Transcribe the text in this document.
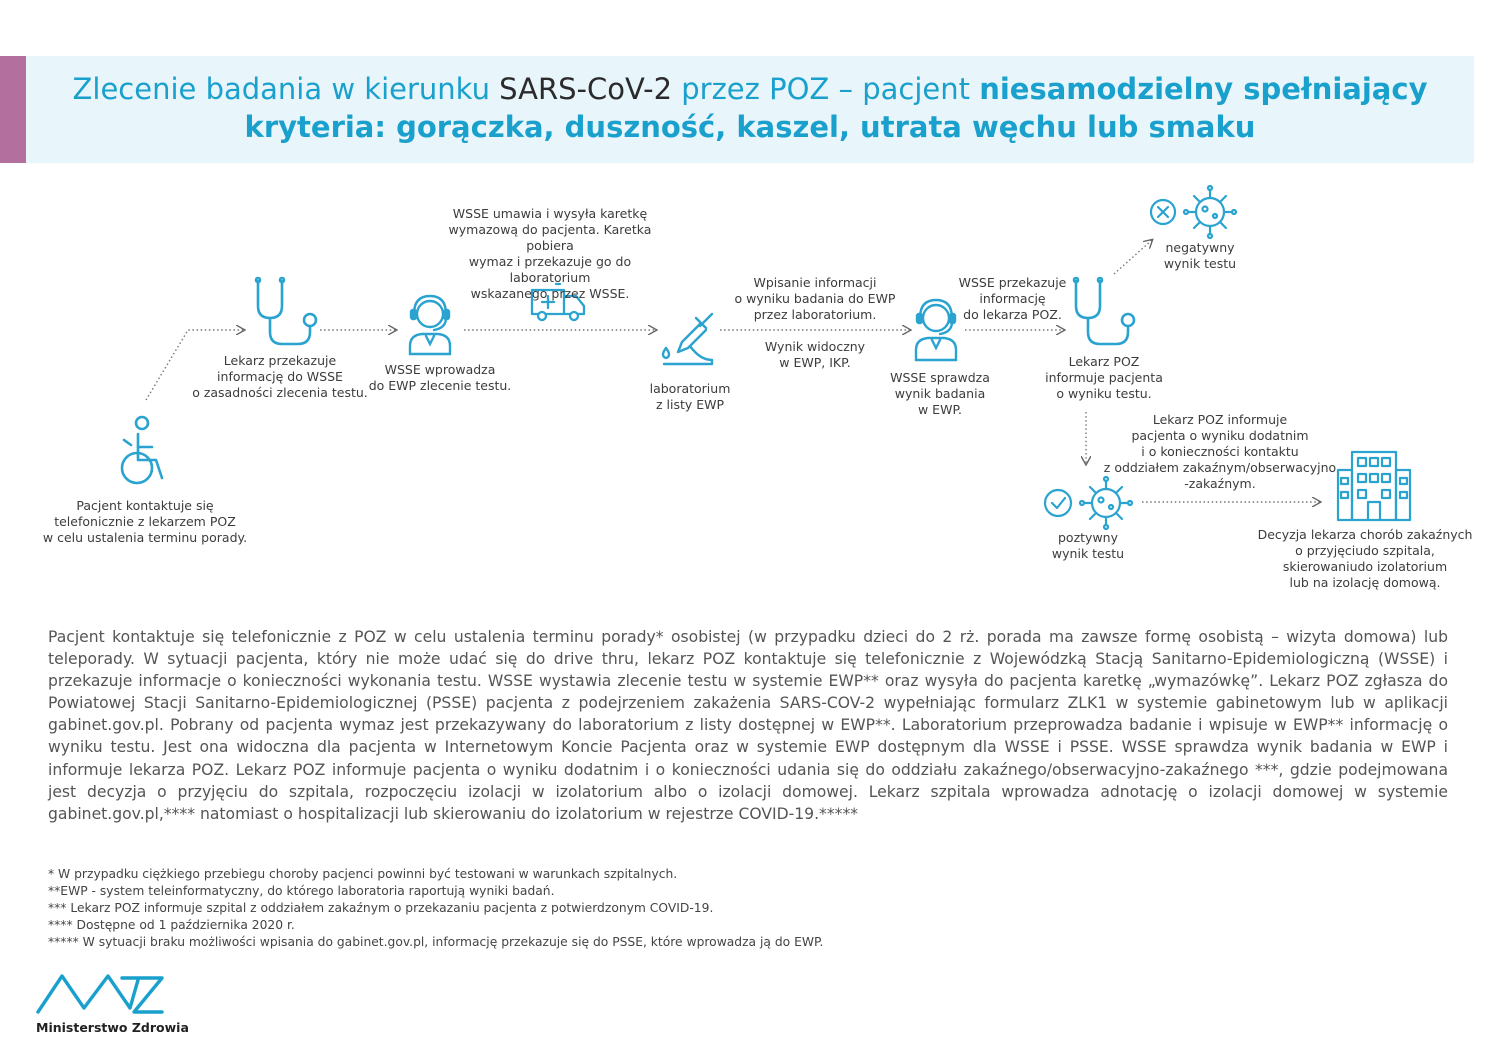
Zlecenie badania w kierunku SARS-CoV-2 przez POZ – pacjent niesamodzielny spełniający
kryteria: gorączka, duszność, kaszel, utrata węchu lub smaku
Pacjent kontaktuje się
telefonicznie z lekarzem POZ
w celu ustalenia terminu porady.
Lekarz przekazuje
informację do WSSE
o zasadności zlecenia testu.
WSSE wprowadza
do EWP zlecenie testu.
WSSE umawia i wysyła karetkę
wymazową do pacjenta. Karetka pobiera
wymaz i przekazuje go do laboratorium
wskazanego przez WSSE.
laboratorium
z listy EWP
Wpisanie informacji
o wyniku badania do EWP
przez laboratorium.
Wynik widoczny
w EWP, IKP.
WSSE sprawdza
wynik badania
w EWP.
WSSE przekazuje
informację
do lekarza POZ.
Lekarz POZ
informuje pacjenta
o wyniku testu.
negatywny
wynik testu
poztywny
wynik testu
Lekarz POZ informuje
pacjenta o wyniku dodatnim
i o konieczności kontaktu
z oddziałem zakaźnym/obserwacyjno
-zakaźnym.
Decyzja lekarza chorób zakaźnych
o przyjęciudo szpitala,
skierowaniudo izolatorium
lub na izolację domową.
Pacjent kontaktuje się telefonicznie z POZ w celu ustalenia terminu porady* osobistej (w przypadku dzieci do 2 rż. porada ma zawsze formę osobistą – wizyta domowa) lub teleporady. W sytuacji pacjenta, który nie może udać się do drive thru, lekarz POZ kontaktuje się telefonicznie z Wojewódzką Stacją Sanitarno-Epidemiologiczną (WSSE) i przekazuje informacje o konieczności wykonania testu. WSSE wystawia zlecenie testu w systemie EWP** oraz wysyła do pacjenta karetkę „wymazówkę”. Lekarz POZ zgłasza do Powiatowej Stacji Sanitarno-Epidemiologicznej (PSSE) pacjenta z podejrzeniem zakażenia SARS-COV-2 wypełniając formularz ZLK1 w systemie gabinetowym lub w aplikacji gabinet.gov.pl. Pobrany od pacjenta wymaz jest przekazywany do laboratorium z listy dostępnej w EWP**. Laboratorium przeprowadza badanie i wpisuje w EWP** informację o wyniku testu. Jest ona widoczna dla pacjenta w Internetowym Koncie Pacjenta oraz w systemie EWP dostępnym dla WSSE i PSSE. WSSE sprawdza wynik badania w EWP i informuje lekarza POZ. Lekarz POZ informuje pacjenta o wyniku dodatnim i o konieczności udania się do oddziału zakaźnego/obserwacyjno-zakaźnego ***, gdzie podejmowana jest decyzja o przyjęciu do szpitala, rozpoczęciu izolacji w izolatorium albo o izolacji domowej. Lekarz szpitala wprowadza adnotację o izolacji domowej w systemie gabinet.gov.pl,**** natomiast o hospitalizacji lub skierowaniu do izolatorium w rejestrze COVID-19.*****
* W przypadku ciężkiego przebiegu choroby pacjenci powinni być testowani w warunkach szpitalnych.
**EWP - system teleinformatyczny, do którego laboratoria raportują wyniki badań.
*** Lekarz POZ informuje szpital z oddziałem zakaźnym o przekazaniu pacjenta z potwierdzonym COVID-19.
**** Dostępne od 1 października 2020 r.
***** W sytuacji braku możliwości wpisania do gabinet.gov.pl, informację przekazuje się do PSSE, które wprowadza ją do EWP.
Ministerstwo Zdrowia
